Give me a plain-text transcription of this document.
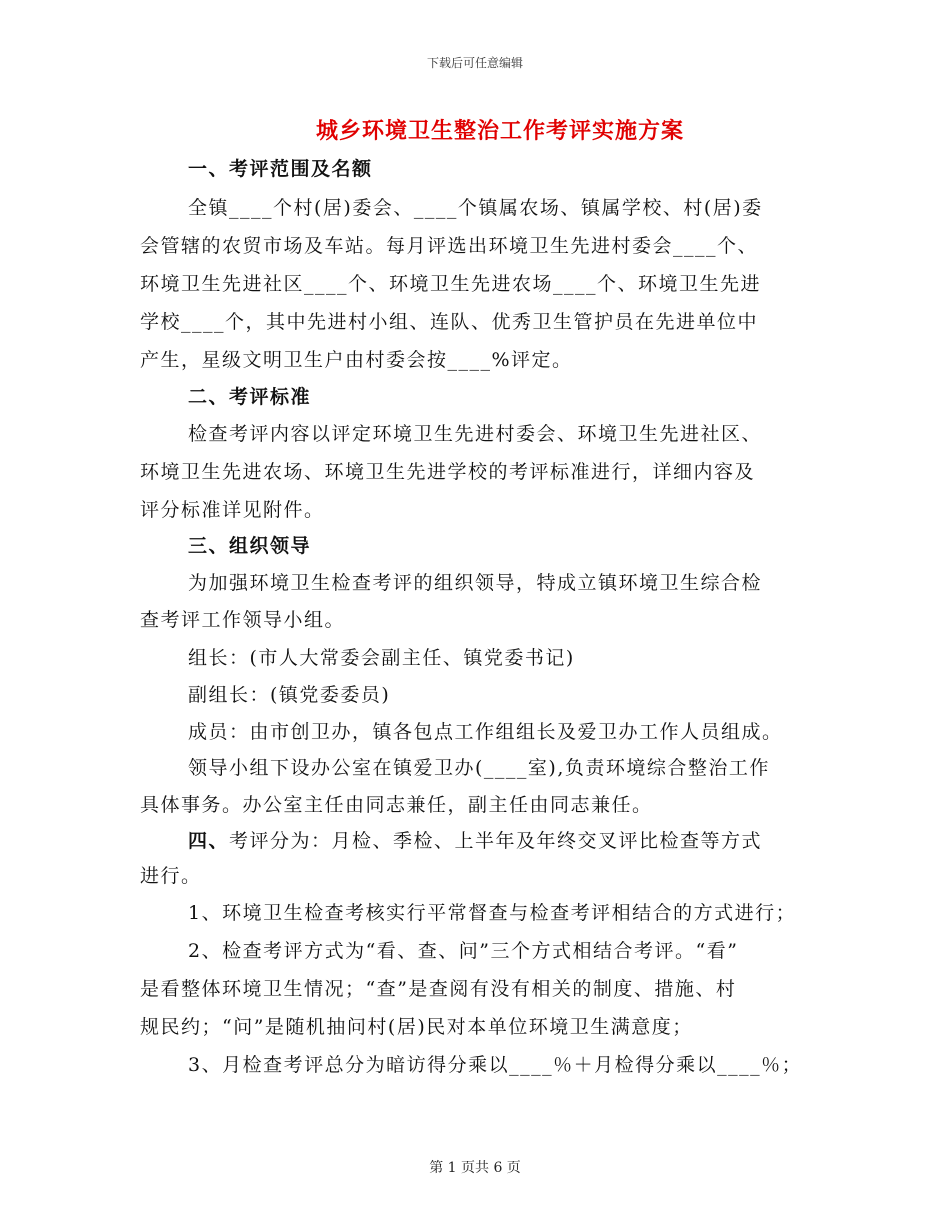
下载后可任意编辑
城乡环境卫生整治工作考评实施方案
一、考评范围及名额
全镇____个村(居)委会、____个镇属农场、镇属学校、村(居)委
会管辖的农贸市场及车站。每月评选出环境卫生先进村委会____个、
环境卫生先进社区____个、环境卫生先进农场____个、环境卫生先进
学校____个，其中先进村小组、连队、优秀卫生管护员在先进单位中
产生，星级文明卫生户由村委会按____%评定。
二、考评标准
检查考评内容以评定环境卫生先进村委会、环境卫生先进社区、
环境卫生先进农场、环境卫生先进学校的考评标准进行，详细内容及
评分标准详见附件。
三、组织领导
为加强环境卫生检查考评的组织领导，特成立镇环境卫生综合检
查考评工作领导小组。
组长：(市人大常委会副主任、镇党委书记)
副组长：(镇党委委员)
成员：由市创卫办，镇各包点工作组组长及爱卫办工作人员组成。
领导小组下设办公室在镇爱卫办(____室),负责环境综合整治工作
具体事务。办公室主任由同志兼任，副主任由同志兼任。
四、考评分为：月检、季检、上半年及年终交叉评比检查等方式
进行。
1、环境卫生检查考核实行平常督查与检查考评相结合的方式进行；
2、检查考评方式为“看、查、问”三个方式相结合考评。“看”
是看整体环境卫生情况；“查”是查阅有没有相关的制度、措施、村
规民约；“问”是随机抽问村(居)民对本单位环境卫生满意度；
3、月检查考评总分为暗访得分乘以____％＋月检得分乘以____％；
第 1 页共 6 页
